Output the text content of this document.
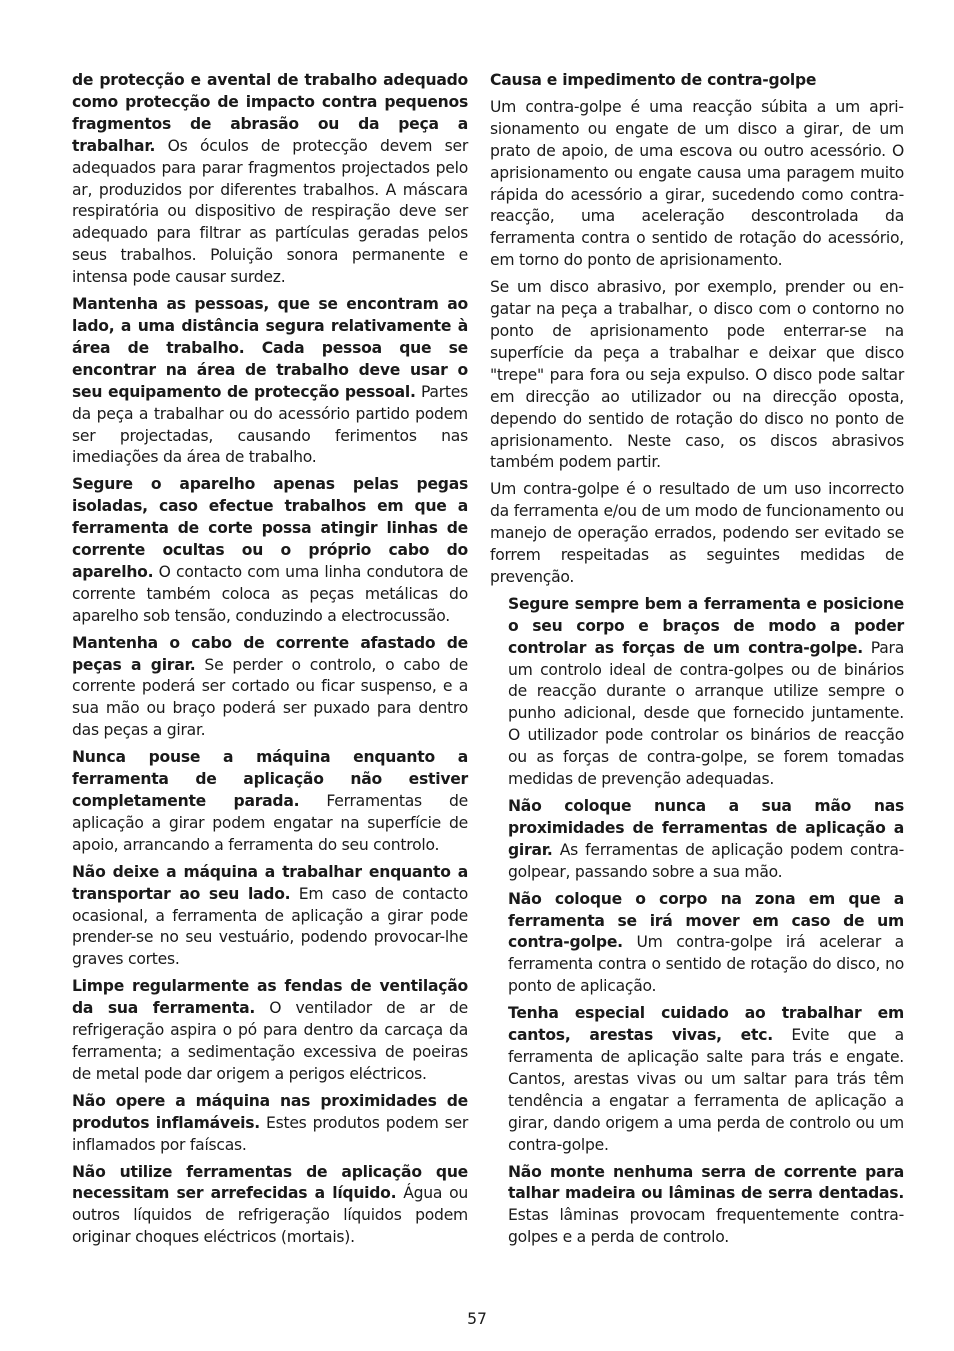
de protecção e avental de trabalho adequado como protecção de impacto contra pequenos fragmentos de abrasão ou da peça a trabalhar. Os óculos de protecção devem ser adequados para parar fragmentos projectados pelo ar, produzidos por diferentes trabalhos. A máscara respiratória ou dispositivo de respiração deve ser adequado para filtrar as partículas geradas pelos seus trabalhos. Poluição sonora permanente e intensa pode causar surdez.

Mantenha as pessoas, que se encontram ao lado, a uma distância segura relativamente à área de trabalho. Cada pessoa que se encontrar na área de trabalho deve usar o seu equipamento de protecção pessoal. Partes da peça a trabalhar ou do acessório partido podem ser projectadas, causando ferimentos nas imediações da área de trabalho.

Segure o aparelho apenas pelas pegas isoladas, caso efectue trabalhos em que a ferramenta de corte possa atingir linhas de corrente ocultas ou o próprio cabo do aparelho. O contacto com uma linha condutora de corrente também coloca as peças metálicas do aparelho sob tensão, conduzindo a electrocussão.

Mantenha o cabo de corrente afastado de peças a girar. Se perder o controlo, o cabo de corrente poderá ser cortado ou ficar suspenso, e a sua mão ou braço poderá ser puxado para dentro das peças a girar.

Nunca pouse a máquina enquanto a ferramenta de aplicação não estiver completamente parada. Ferramentas de aplicação a girar podem engatar na superfície de apoio, arrancando a ferramenta do seu controlo.

Não deixe a máquina a trabalhar enquanto a transportar ao seu lado. Em caso de contacto ocasional, a ferramenta de aplicação a girar pode prender-se no seu vestuário, podendo provocar-lhe graves cortes.

Limpe regularmente as fendas de ventilação da sua ferramenta. O ventilador de ar de refrigeração aspira o pó para dentro da carcaça da ferramenta; a sedimentação excessiva de poeiras de metal pode dar origem a perigos eléctricos.

Não opere a máquina nas proximidades de produtos inflamáveis. Estes produtos podem ser inflamados por faíscas.

Não utilize ferramentas de aplicação que necessitam ser arrefecidas a líquido. Água ou outros líquidos de refrigeração líquidos podem originar choques eléctricos (mortais).

Causa e impedimento de contra-golpe

Um contra-golpe é uma reacção súbita a um aprisionamento ou engate de um disco a girar, de um prato de apoio, de uma escova ou outro acessório. O aprisionamento ou engate causa uma paragem muito rápida do acessório a girar, sucedendo como contra-reacção, uma aceleração descontrolada da ferramenta contra o sentido de rotação do acessório, em torno do ponto de aprisionamento.

Se um disco abrasivo, por exemplo, prender ou engatar na peça a trabalhar, o disco com o contorno no ponto de aprisionamento pode enterrar-se na superfície da peça a trabalhar e deixar que disco "trepe" para fora ou seja expulso. O disco pode saltar em direcção ao utilizador ou na direcção oposta, dependo do sentido de rotação do disco no ponto de aprisionamento. Neste caso, os discos abrasivos também podem partir.

Um contra-golpe é o resultado de um uso incorrecto da ferramenta e/ou de um modo de funcionamento ou manejo de operação errados, podendo ser evitado se forrem respeitadas as seguintes medidas de prevenção.

Segure sempre bem a ferramenta e posicione o seu corpo e braços de modo a poder controlar as forças de um contra-golpe. Para um controlo ideal de contra-golpes ou de binários de reacção durante o arranque utilize sempre o punho adicional, desde que fornecido juntamente. O utilizador pode controlar os binários de reacção ou as forças de contra-golpe, se forem tomadas medidas de prevenção adequadas.

Não coloque nunca a sua mão nas proximidades de ferramentas de aplicação a girar. As ferramentas de aplicação podem contra-golpear, passando sobre a sua mão.

Não coloque o corpo na zona em que a ferramenta se irá mover em caso de um contra-golpe. Um contra-golpe irá acelerar a ferramenta contra o sentido de rotação do disco, no ponto de aplicação.

Tenha especial cuidado ao trabalhar em cantos, arestas vivas, etc. Evite que a ferramenta de aplicação salte para trás e engate. Cantos, arestas vivas ou um saltar para trás têm tendência a engatar a ferramenta de aplicação a girar, dando origem a uma perda de controlo ou um contra-golpe.

Não monte nenhuma serra de corrente para talhar madeira ou lâminas de serra dentadas. Estas lâminas provocam frequentemente contra-golpes e a perda de controlo.

57
